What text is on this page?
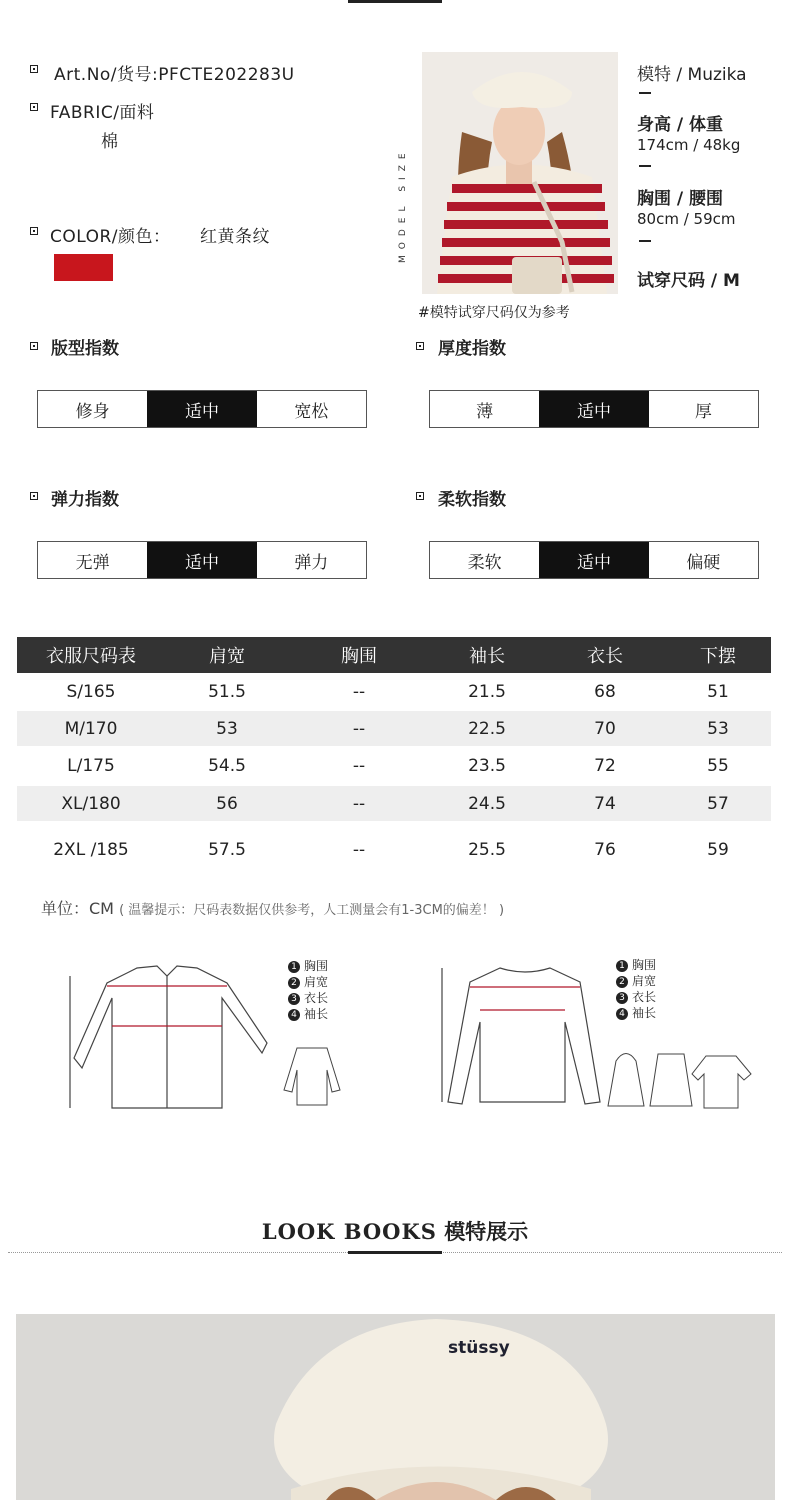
Art.No/货号:PFCTE202283U
FABRIC/面料
棉
COLOR/颜色： 红黄条纹	MODEL SIZE
#模特试穿尺码仅为参考
模特 / Muzika
身高 / 体重
174cm / 48kg
胸围 / 腰围
80cm / 59cm
试穿尺码 / M
版型指数
修身	适中	宽松
厚度指数
薄	适中	厚
弹力指数
无弹	适中	弹力
柔软指数
柔软	适中	偏硬
衣服尺码表	肩宽	胸围	袖长	衣长	下摆
S/165	51.5	--	21.5	68	51
M/170	53	--	22.5	70	53
L/175	54.5	--	23.5	72	55
XL/180	56	--	24.5	74	57
2XL /185	57.5	--	25.5	76	59
单位：CM ( 温馨提示：尺码表数据仅供参考，人工测量会有1-3CM的偏差！ )
1 胸围
2 肩宽
3 衣长
4 袖长
1 胸围
2 肩宽
3 衣长
4 袖长
LOOK BOOKS 模特展示
stüssy
